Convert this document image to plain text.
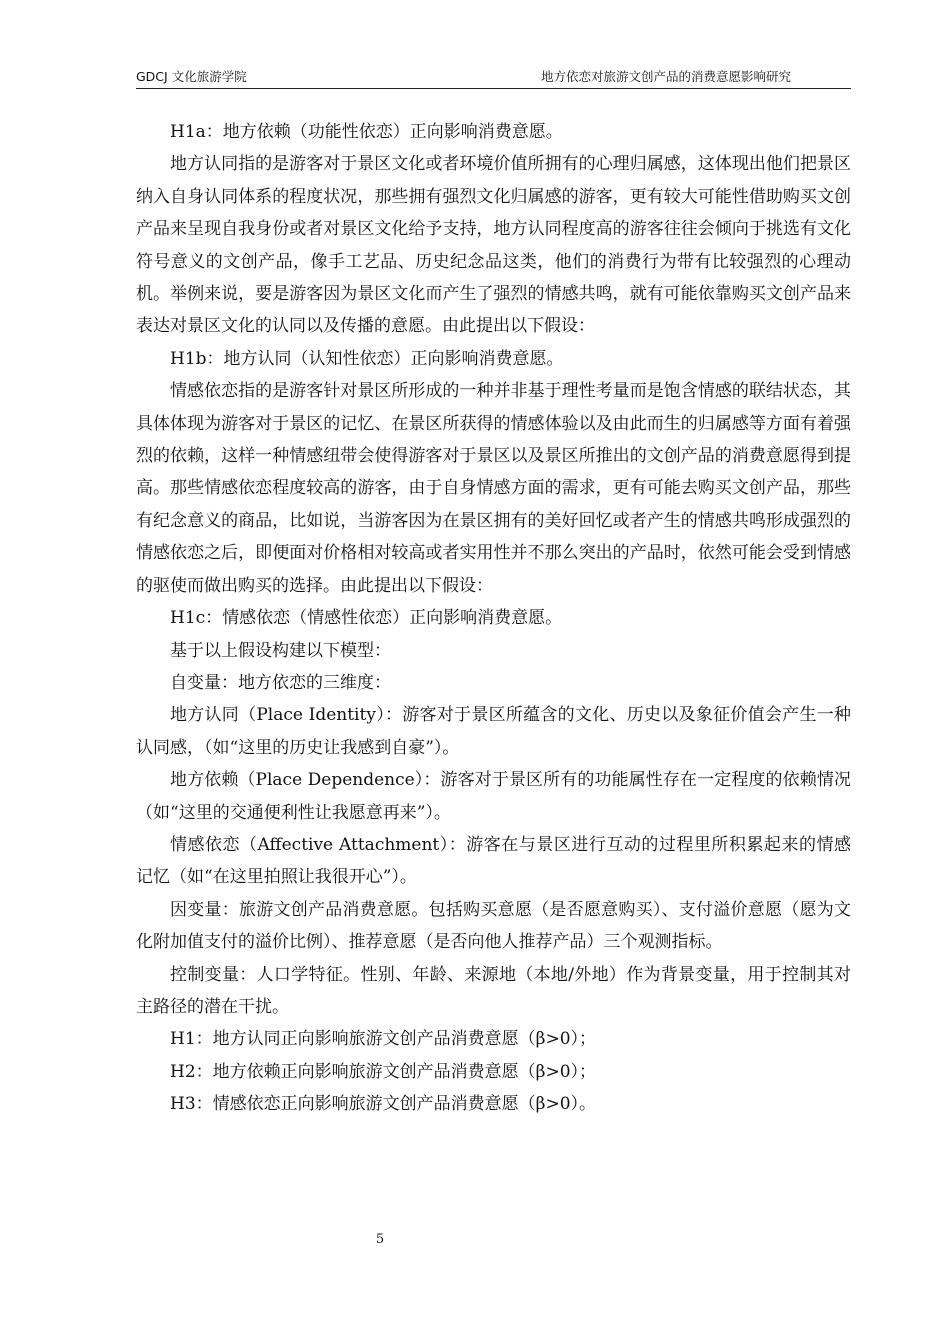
GDCJ 文化旅游学院	地方依恋对旅游文创产品的消费意愿影响研究

H1a：地方依赖（功能性依恋）正向影响消费意愿。

地方认同指的是游客对于景区文化或者环境价值所拥有的心理归属感，这体现出他们把景区纳入自身认同体系的程度状况，那些拥有强烈文化归属感的游客，更有较大可能性借助购买文创产品来呈现自我身份或者对景区文化给予支持，地方认同程度高的游客往往会倾向于挑选有文化符号意义的文创产品，像手工艺品、历史纪念品这类，他们的消费行为带有比较强烈的心理动机。举例来说，要是游客因为景区文化而产生了强烈的情感共鸣，就有可能依靠购买文创产品来表达对景区文化的认同以及传播的意愿。由此提出以下假设：

H1b：地方认同（认知性依恋）正向影响消费意愿。

情感依恋指的是游客针对景区所形成的一种并非基于理性考量而是饱含情感的联结状态，其具体体现为游客对于景区的记忆、在景区所获得的情感体验以及由此而生的归属感等方面有着强烈的依赖，这样一种情感纽带会使得游客对于景区以及景区所推出的文创产品的消费意愿得到提高。那些情感依恋程度较高的游客，由于自身情感方面的需求，更有可能去购买文创产品，那些有纪念意义的商品，比如说，当游客因为在景区拥有的美好回忆或者产生的情感共鸣形成强烈的情感依恋之后，即便面对价格相对较高或者实用性并不那么突出的产品时，依然可能会受到情感的驱使而做出购买的选择。由此提出以下假设：

H1c：情感依恋（情感性依恋）正向影响消费意愿。

基于以上假设构建以下模型：

自变量：地方依恋的三维度：

地方认同（Place Identity）：游客对于景区所蕴含的文化、历史以及象征价值会产生一种认同感，（如“这里的历史让我感到自豪”）。

地方依赖（Place Dependence）：游客对于景区所有的功能属性存在一定程度的依赖情况（如“这里的交通便利性让我愿意再来”）。

情感依恋（Affective Attachment）：游客在与景区进行互动的过程里所积累起来的情感记忆（如“在这里拍照让我很开心”）。

因变量：旅游文创产品消费意愿。包括购买意愿（是否愿意购买）、支付溢价意愿（愿为文化附加值支付的溢价比例）、推荐意愿（是否向他人推荐产品）三个观测指标。

控制变量：人口学特征。性别、年龄、来源地（本地/外地）作为背景变量，用于控制其对主路径的潜在干扰。

H1：地方认同正向影响旅游文创产品消费意愿（β>0）；

H2：地方依赖正向影响旅游文创产品消费意愿（β>0）；

H3：情感依恋正向影响旅游文创产品消费意愿（β>0）。

5
